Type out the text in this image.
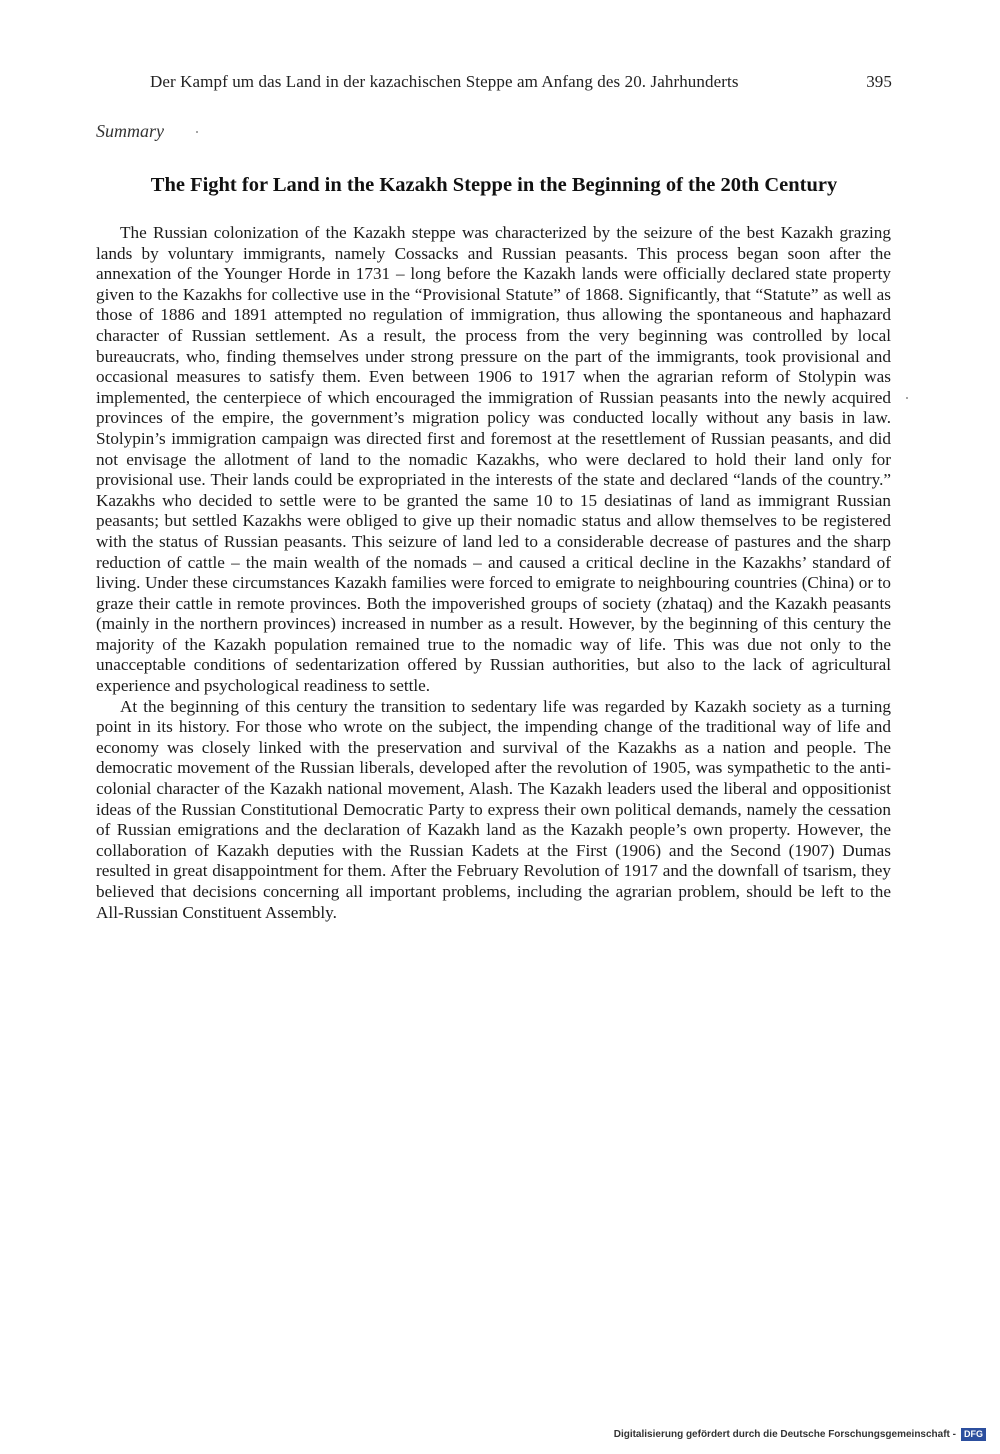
Der Kampf um das Land in der kazachischen Steppe am Anfang des 20. Jahrhunderts	395
Summary
The Fight for Land in the Kazakh Steppe in the Beginning of the 20th Century

The Russian colonization of the Kazakh steppe was characterized by the seizure of the best Kazakh grazing lands by voluntary immigrants, namely Cossacks and Russian peasants. This process began soon after the annexation of the Younger Horde in 1731 – long before the Kazakh lands were officially declared state property given to the Kazakhs for collective use in the “Provisional Statute” of 1868. Significantly, that “Statute” as well as those of 1886 and 1891 attempted no regulation of immigration, thus allowing the spontaneous and haphazard character of Russian settlement. As a result, the process from the very beginning was controlled by local bureaucrats, who, finding themselves under strong pressure on the part of the immigrants, took provisional and occasional measures to satisfy them. Even between 1906 to 1917 when the agrarian reform of Stolypin was implemented, the centerpiece of which encouraged the immigration of Russian peasants into the newly acquired provinces of the empire, the government’s migration policy was conducted locally without any basis in law. Stolypin’s immigration campaign was directed first and foremost at the resettlement of Russian peasants, and did not envisage the allotment of land to the nomadic Kazakhs, who were declared to hold their land only for provisional use. Their lands could be expropriated in the interests of the state and declared “lands of the country.” Kazakhs who decided to settle were to be granted the same 10 to 15 desiatinas of land as immigrant Russian peasants; but settled Kazakhs were obliged to give up their nomadic status and allow themselves to be registered with the status of Russian peasants. This seizure of land led to a considerable decrease of pastures and the sharp reduction of cattle – the main wealth of the nomads – and caused a critical decline in the Kazakhs’ standard of living. Under these circumstances Kazakh families were forced to emigrate to neighbouring countries (China) or to graze their cattle in remote provinces. Both the impoverished groups of society (zhataq) and the Kazakh peasants (mainly in the northern provinces) increased in number as a result. However, by the beginning of this century the majority of the Kazakh population remained true to the nomadic way of life. This was due not only to the unacceptable conditions of sedentarization offered by Russian authorities, but also to the lack of agricultural experience and psychological readiness to settle.

At the beginning of this century the transition to sedentary life was regarded by Kazakh society as a turning point in its history. For those who wrote on the subject, the impending change of the traditional way of life and economy was closely linked with the preservation and survival of the Kazakhs as a nation and people. The democratic movement of the Russian liberals, developed after the revolution of 1905, was sympathetic to the anti-colonial character of the Kazakh national movement, Alash. The Kazakh leaders used the liberal and oppositionist ideas of the Russian Constitutional Democratic Party to express their own political demands, namely the cessation of Russian emigrations and the declaration of Kazakh land as the Kazakh people’s own property. However, the collaboration of Kazakh deputies with the Russian Kadets at the First (1906) and the Second (1907) Dumas resulted in great disappointment for them. After the February Revolution of 1917 and the downfall of tsarism, they believed that decisions concerning all important problems, including the agrarian problem, should be left to the All-Russian Constituent Assembly.

Digitalisierung gefördert durch die Deutsche Forschungsgemeinschaft - DFG
